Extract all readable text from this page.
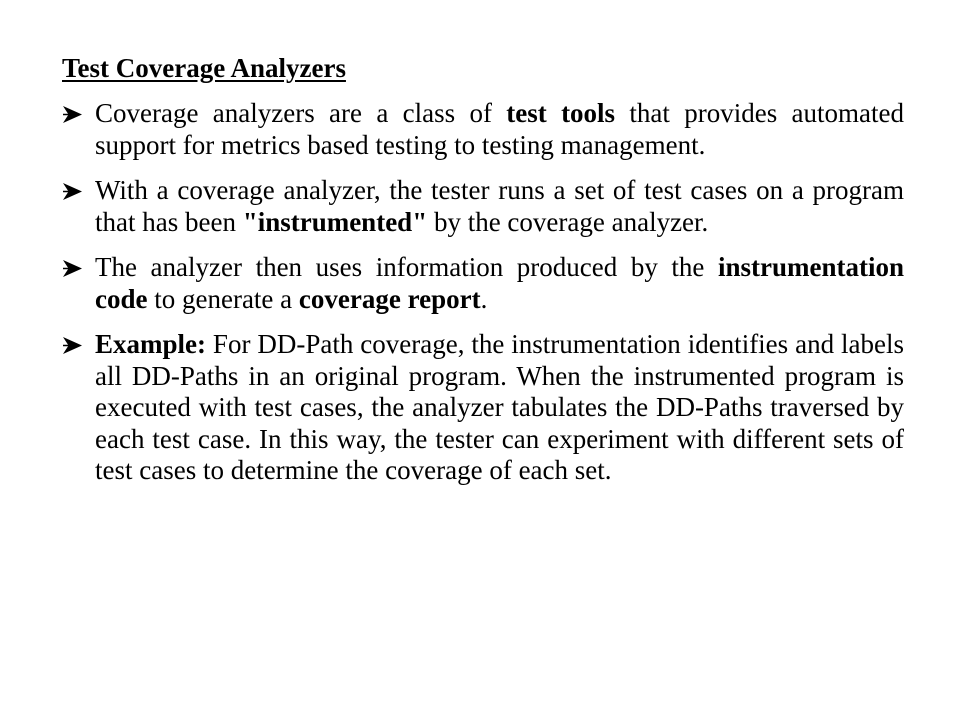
Test Coverage Analyzers
Coverage analyzers are a class of test tools that provides automated support for metrics based testing to testing management.
With a coverage analyzer, the tester runs a set of test cases on a program that has been "instrumented" by the coverage analyzer.
The analyzer then uses information produced by the instrumentation code to generate a coverage report.
Example: For DD-Path coverage, the instrumentation identifies and labels all DD-Paths in an original program. When the instrumented program is executed with test cases, the analyzer tabulates the DD-Paths traversed by each test case. In this way, the tester can experiment with different sets of test cases to determine the coverage of each set.
